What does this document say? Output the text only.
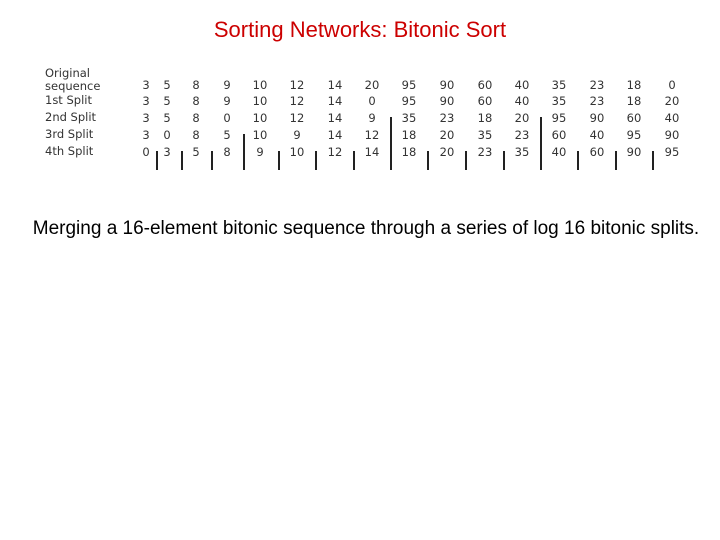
Sorting Networks: Bitonic Sort
Original
sequence	3	5	8	9	10	12	14	20	95	90	60	40	35	23	18	0
1st Split	3	5	8	9	10	12	14	0	95	90	60	40	35	23	18	20
2nd Split	3	5	8	0	10	12	14	9	35	23	18	20	95	90	60	40
3rd Split	3	0	8	5	10	9	14	12	18	20	35	23	60	40	95	90
4th Split	0	3	5	8	9	10	12	14	18	20	23	35	40	60	90	95
Merging a 16-element bitonic sequence through a series of log 16 bitonic splits.
